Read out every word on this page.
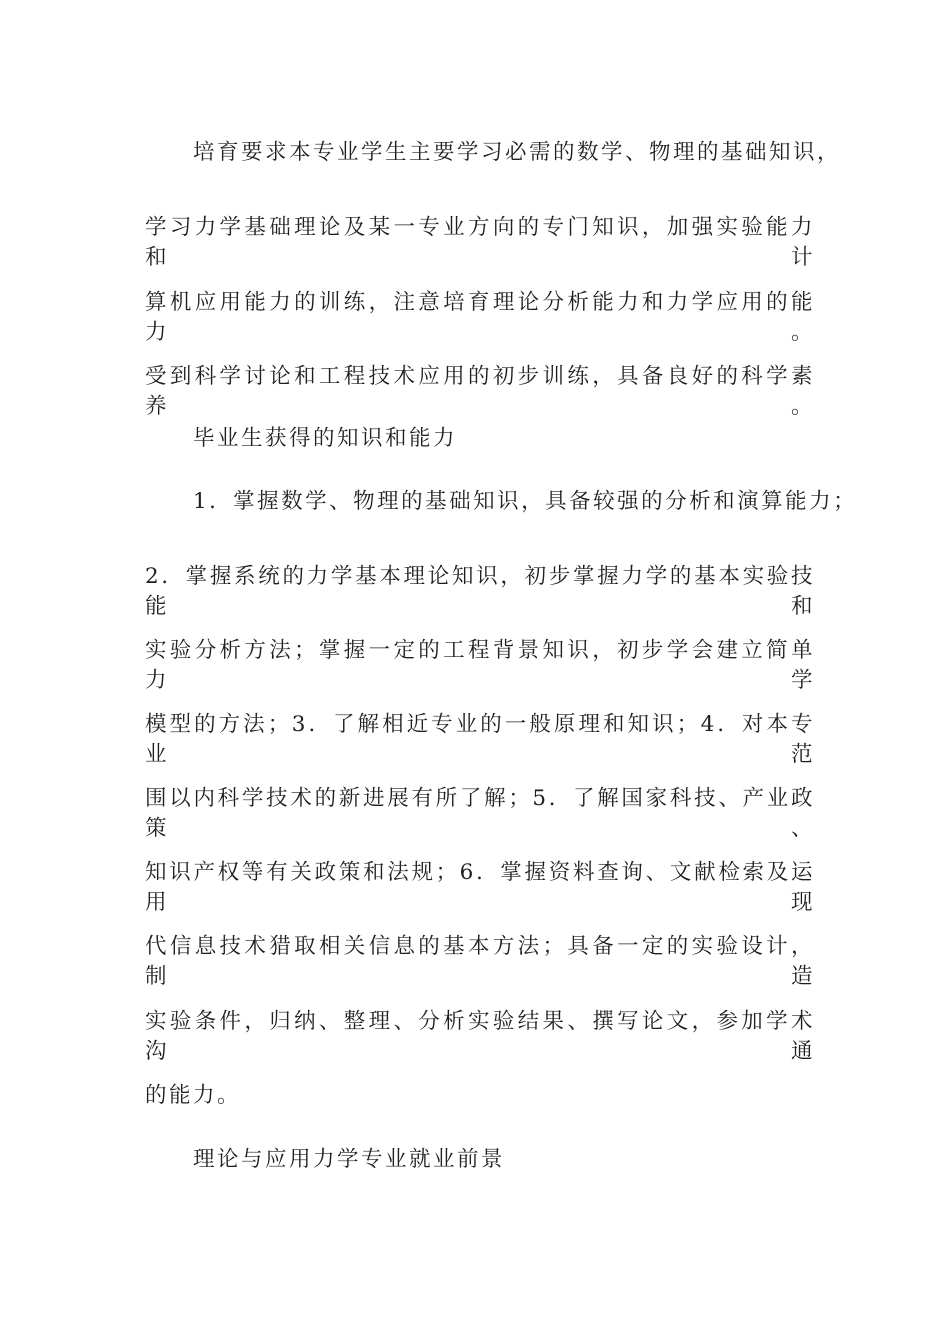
培育要求本专业学生主要学习必需的数学、物理的基础知识，
学习力学基础理论及某一专业方向的专门知识，加强实验能力和计
算机应用能力的训练，注意培育理论分析能力和力学应用的能力。
受到科学讨论和工程技术应用的初步训练，具备良好的科学素养。
毕业生获得的知识和能力
1．掌握数学、物理的基础知识，具备较强的分析和演算能力；
2．掌握系统的力学基本理论知识，初步掌握力学的基本实验技能和
实验分析方法；掌握一定的工程背景知识，初步学会建立简单力学
模型的方法；3．了解相近专业的一般原理和知识；4．对本专业范
围以内科学技术的新进展有所了解；5．了解国家科技、产业政策、
知识产权等有关政策和法规；6．掌握资料查询、文献检索及运用现
代信息技术猎取相关信息的基本方法；具备一定的实验设计，制造
实验条件，归纳、整理、分析实验结果、撰写论文，参加学术沟通
的能力。
理论与应用力学专业就业前景
